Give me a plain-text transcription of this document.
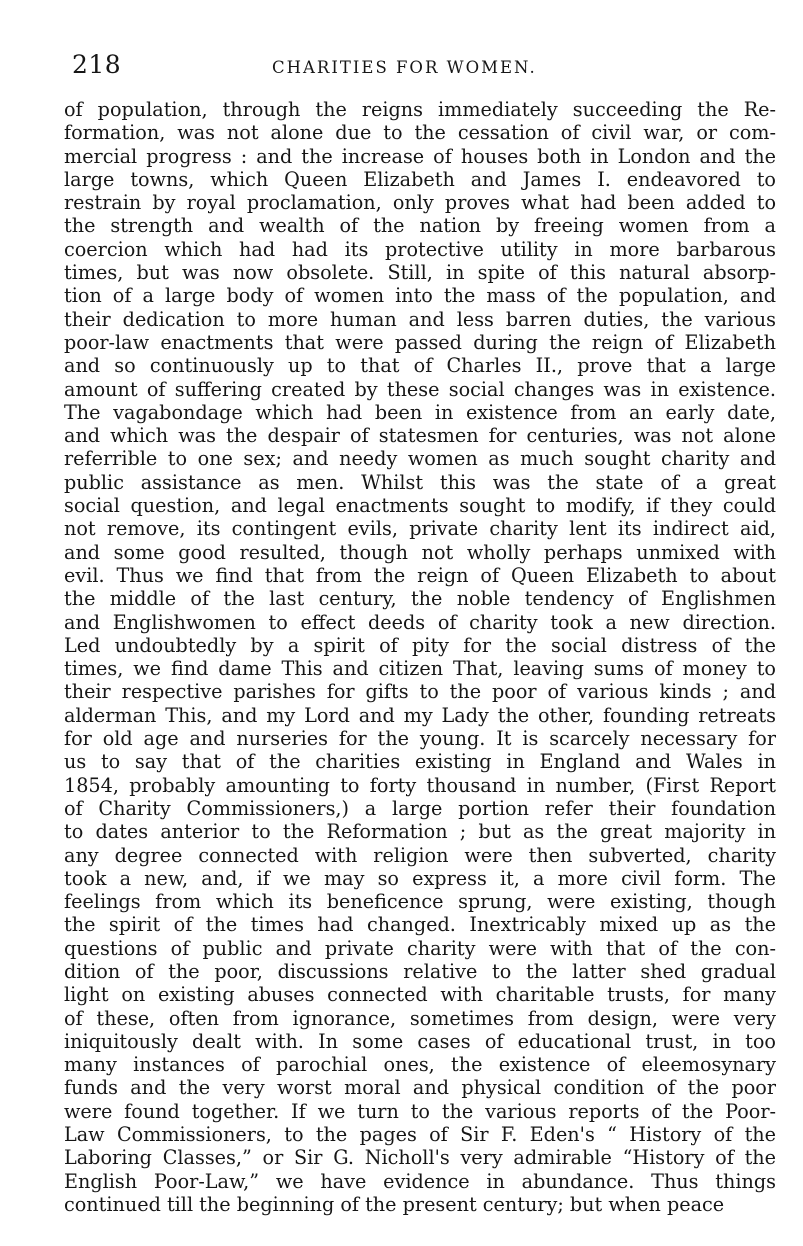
218	CHARITIES FOR WOMEN.
of population, through the reigns immediately succeeding the Re-
formation, was not alone due to the cessation of civil war, or com-
mercial progress : and the increase of houses both in London and the
large towns, which Queen Elizabeth and James I. endeavored to
restrain by royal proclamation, only proves what had been added to
the strength and wealth of the nation by freeing women from a
coercion which had had its protective utility in more barbarous
times, but was now obsolete. Still, in spite of this natural absorp-
tion of a large body of women into the mass of the population, and
their dedication to more human and less barren duties, the various
poor-law enactments that were passed during the reign of Elizabeth
and so continuously up to that of Charles II., prove that a large
amount of suffering created by these social changes was in existence.
The vagabondage which had been in existence from an early date,
and which was the despair of statesmen for centuries, was not alone
referrible to one sex; and needy women as much sought charity and
public assistance as men. Whilst this was the state of a great
social question, and legal enactments sought to modify, if they could
not remove, its contingent evils, private charity lent its indirect aid,
and some good resulted, though not wholly perhaps unmixed with
evil. Thus we find that from the reign of Queen Elizabeth to about
the middle of the last century, the noble tendency of Englishmen
and Englishwomen to effect deeds of charity took a new direction.
Led undoubtedly by a spirit of pity for the social distress of the
times, we find dame This and citizen That, leaving sums of money to
their respective parishes for gifts to the poor of various kinds ; and
alderman This, and my Lord and my Lady the other, founding retreats
for old age and nurseries for the young. It is scarcely necessary for
us to say that of the charities existing in England and Wales in
1854, probably amounting to forty thousand in number, (First Report
of Charity Commissioners,) a large portion refer their foundation
to dates anterior to the Reformation ; but as the great majority in
any degree connected with religion were then subverted, charity
took a new, and, if we may so express it, a more civil form. The
feelings from which its beneficence sprung, were existing, though
the spirit of the times had changed. Inextricably mixed up as the
questions of public and private charity were with that of the con-
dition of the poor, discussions relative to the latter shed gradual
light on existing abuses connected with charitable trusts, for many
of these, often from ignorance, sometimes from design, were very
iniquitously dealt with. In some cases of educational trust, in too
many instances of parochial ones, the existence of eleemosynary
funds and the very worst moral and physical condition of the poor
were found together. If we turn to the various reports of the Poor-
Law Commissioners, to the pages of Sir F. Eden's “ History of the
Laboring Classes,” or Sir G. Nicholl's very admirable “History of the
English Poor-Law,” we have evidence in abundance. Thus things
continued till the beginning of the present century; but when peace
